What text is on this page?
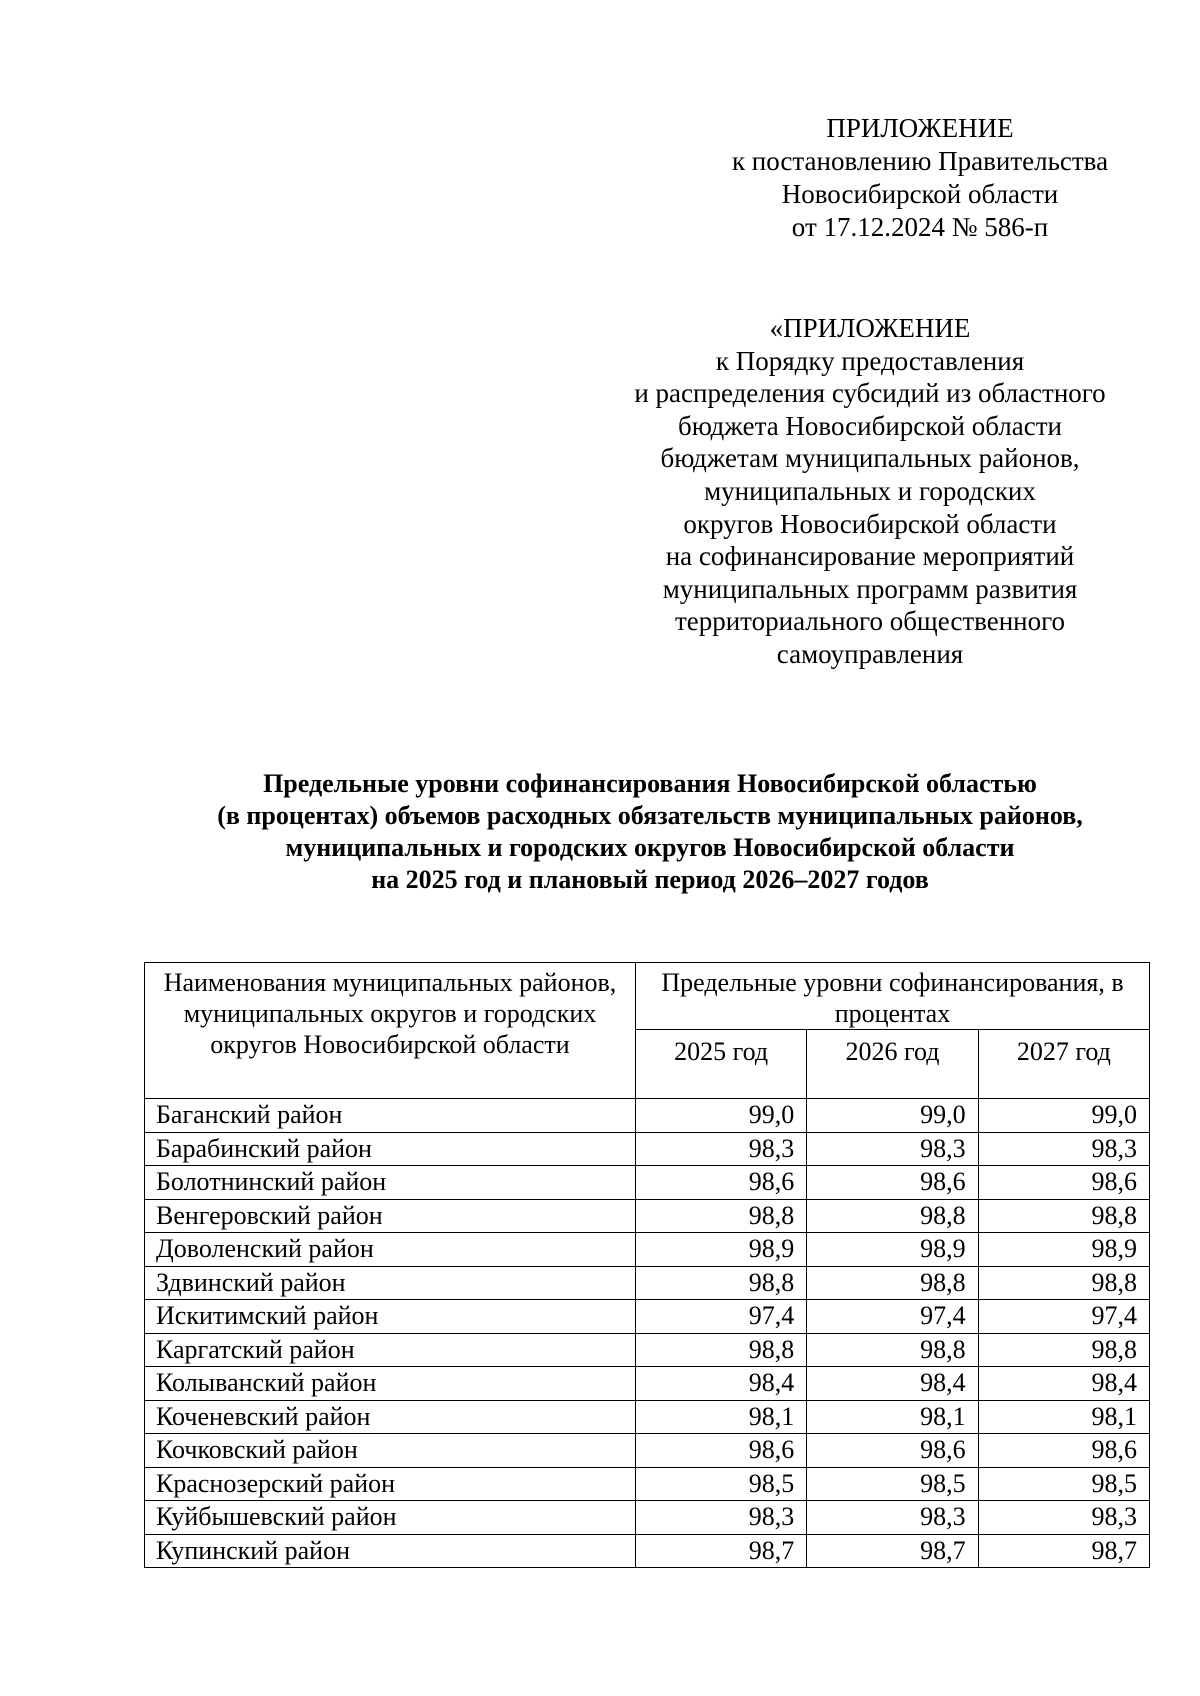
ПРИЛОЖЕНИЕ
к постановлению Правительства
Новосибирской области
от 17.12.2024 № 586-п
«ПРИЛОЖЕНИЕ
к Порядку предоставления
и распределения субсидий из областного
бюджета Новосибирской области
бюджетам муниципальных районов,
муниципальных и городских
округов Новосибирской области
на софинансирование мероприятий
муниципальных программ развития
территориального общественного
самоуправления
Предельные уровни софинансирования Новосибирской областью
(в процентах) объемов расходных обязательств муниципальных районов,
муниципальных и городских округов Новосибирской области
на 2025 год и плановый период 2026–2027 годов
Наименования муниципальных районов, муниципальных округов и городских округов Новосибирской области	Предельные уровни софинансирования, в процентах		
	2025 год	2026 год	2027 год
Баганский район	99,0	99,0	99,0
Барабинский район	98,3	98,3	98,3
Болотнинский район	98,6	98,6	98,6
Венгеровский район	98,8	98,8	98,8
Доволенский район	98,9	98,9	98,9
Здвинский район	98,8	98,8	98,8
Искитимский район	97,4	97,4	97,4
Каргатский район	98,8	98,8	98,8
Колыванский район	98,4	98,4	98,4
Коченевский район	98,1	98,1	98,1
Кочковский район	98,6	98,6	98,6
Краснозерский район	98,5	98,5	98,5
Куйбышевский район	98,3	98,3	98,3
Купинский район	98,7	98,7	98,7
